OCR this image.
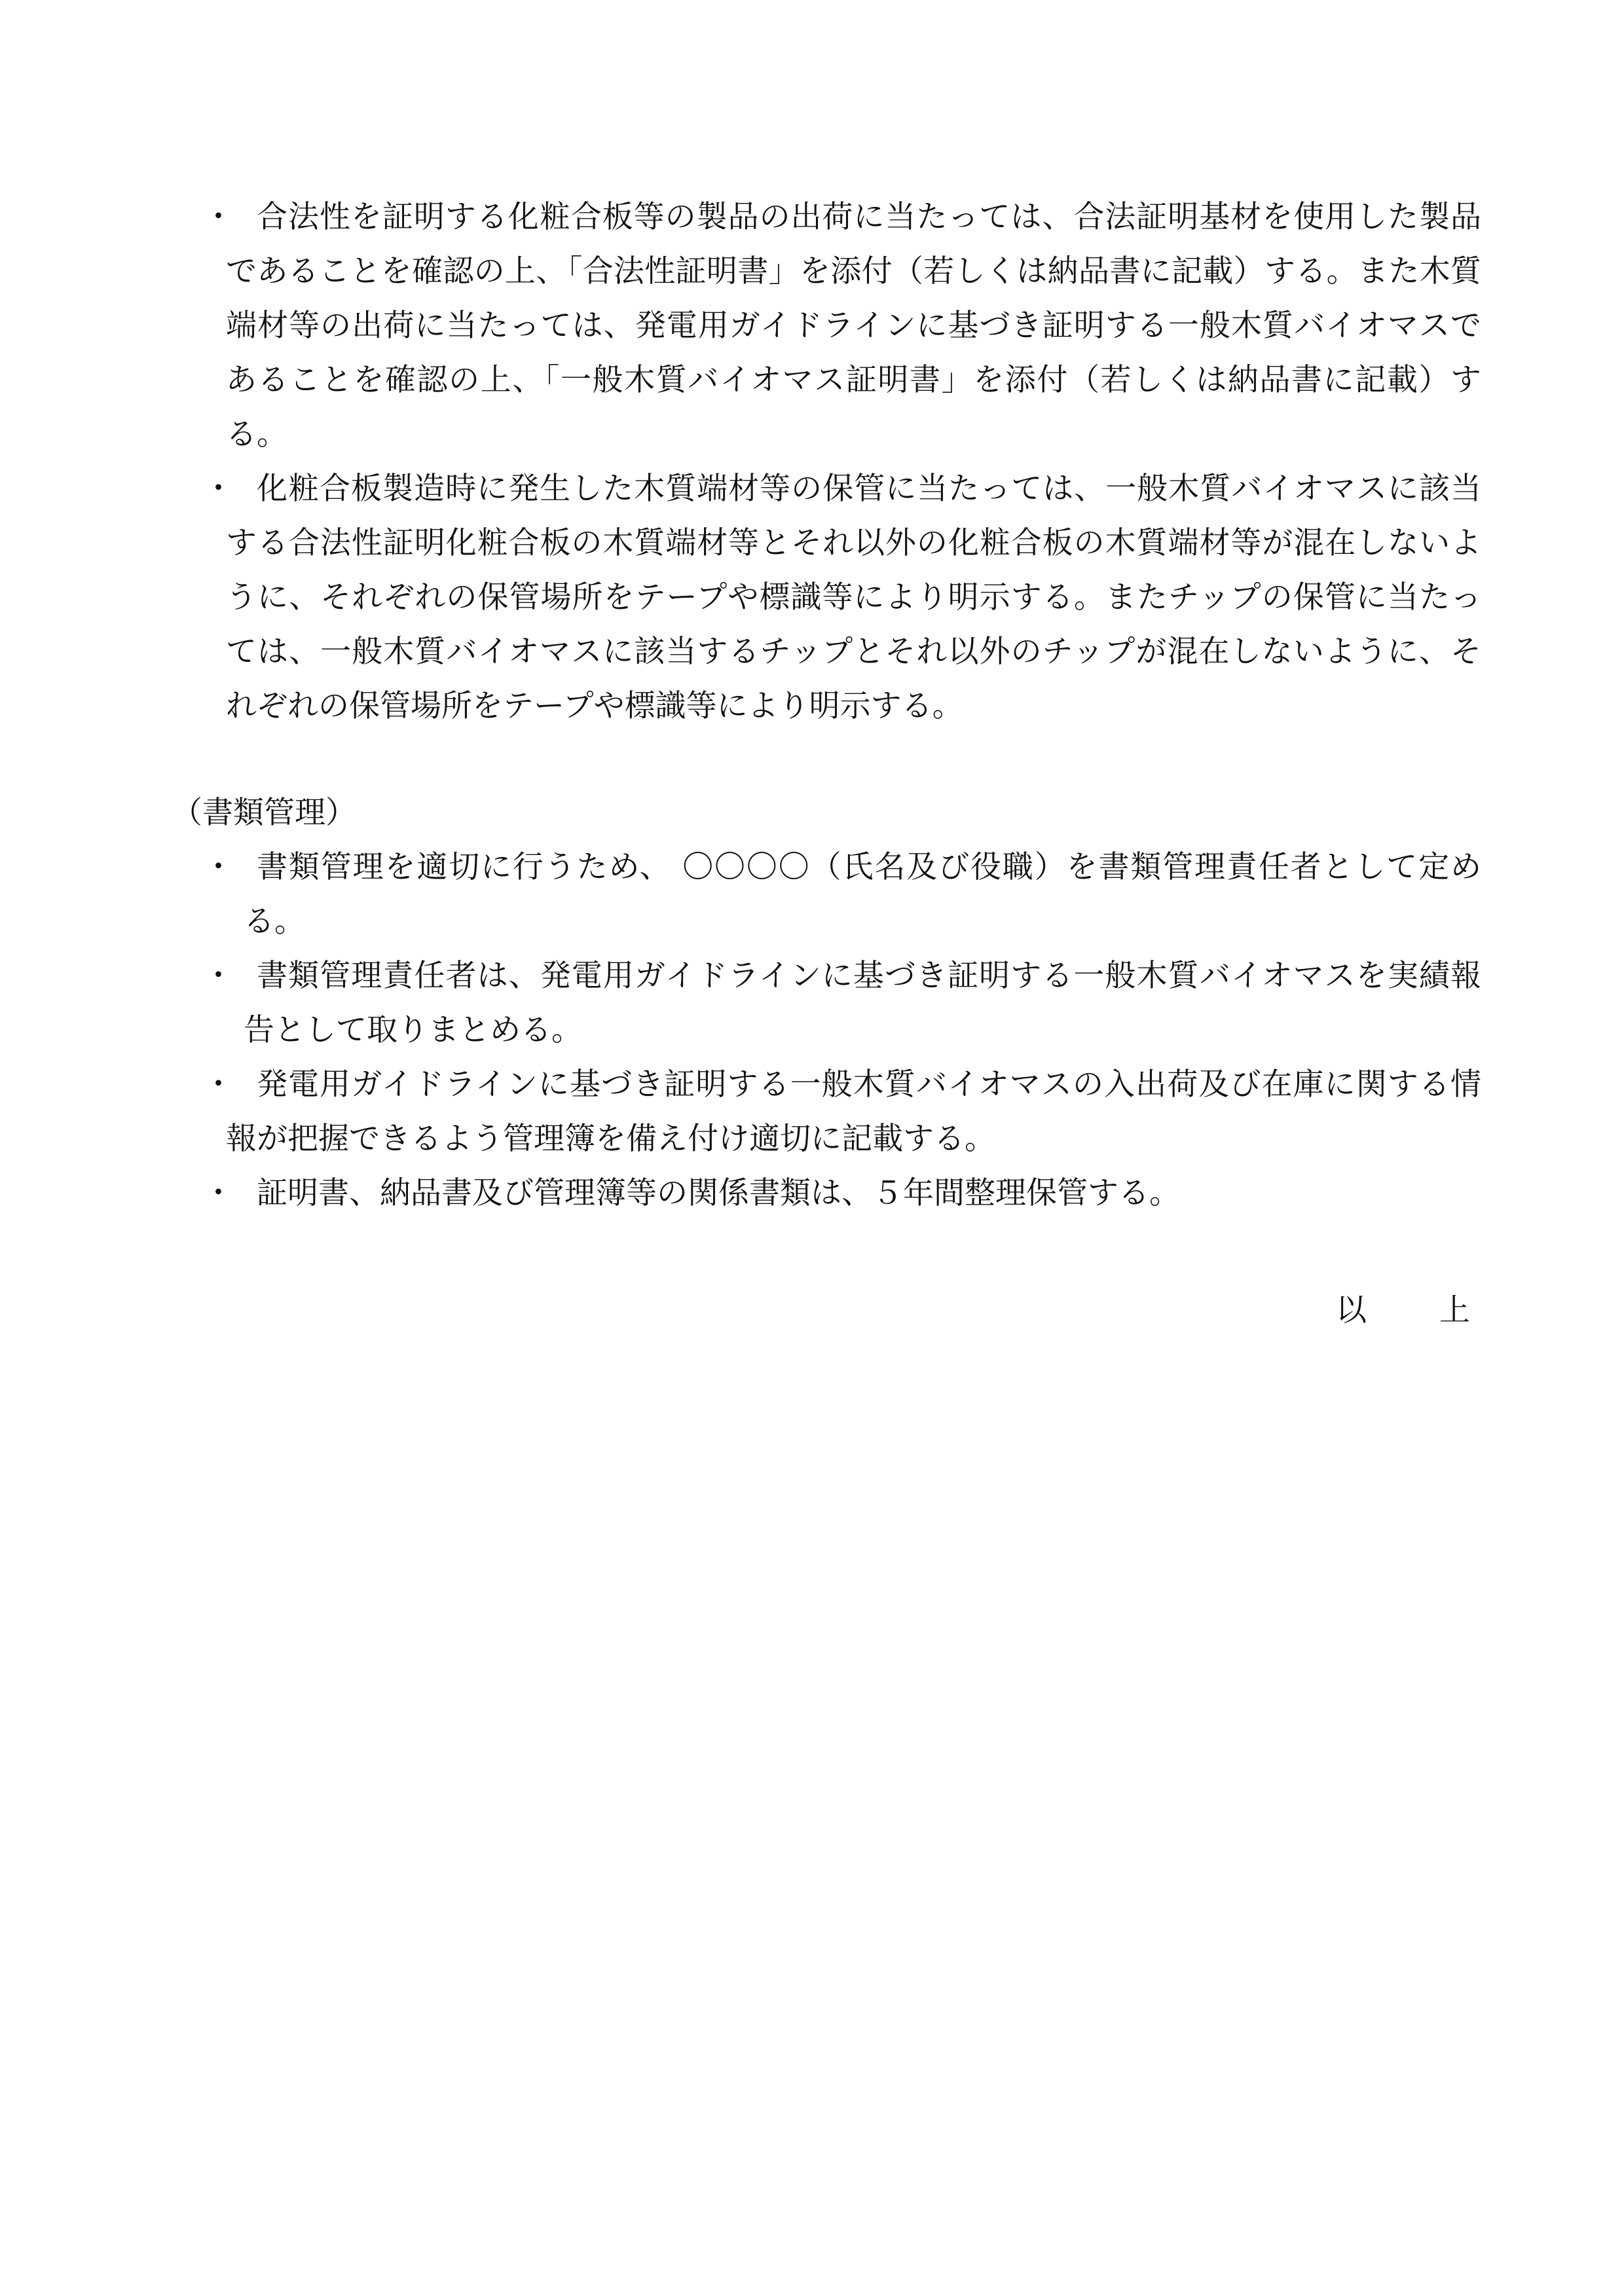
・ 合法性を証明する化粧合板等の製品の出荷に当たっては、合法証明基材を使用した製品であることを確認の上、「合法性証明書」を添付（若しくは納品書に記載）する。また木質端材等の出荷に当たっては、発電用ガイドラインに基づき証明する一般木質バイオマスであることを確認の上、「一般木質バイオマス証明書」を添付（若しくは納品書に記載）する。

・ 化粧合板製造時に発生した木質端材等の保管に当たっては、一般木質バイオマスに該当する合法性証明化粧合板の木質端材等とそれ以外の化粧合板の木質端材等が混在しないように、それぞれの保管場所をテープや標識等により明示する。またチップの保管に当たっては、一般木質バイオマスに該当するチップとそれ以外のチップが混在しないように、それぞれの保管場所をテープや標識等により明示する。

（書類管理）

・ 書類管理を適切に行うため、 〇〇〇〇（氏名及び役職）を書類管理責任者として定める。

・ 書類管理責任者は、発電用ガイドラインに基づき証明する一般木質バイオマスを実績報告として取りまとめる。

・ 発電用ガイドラインに基づき証明する一般木質バイオマスの入出荷及び在庫に関する情報が把握できるよう管理簿を備え付け適切に記載する。

・ 証明書、納品書及び管理簿等の関係書類は、５年間整理保管する。

以　上
